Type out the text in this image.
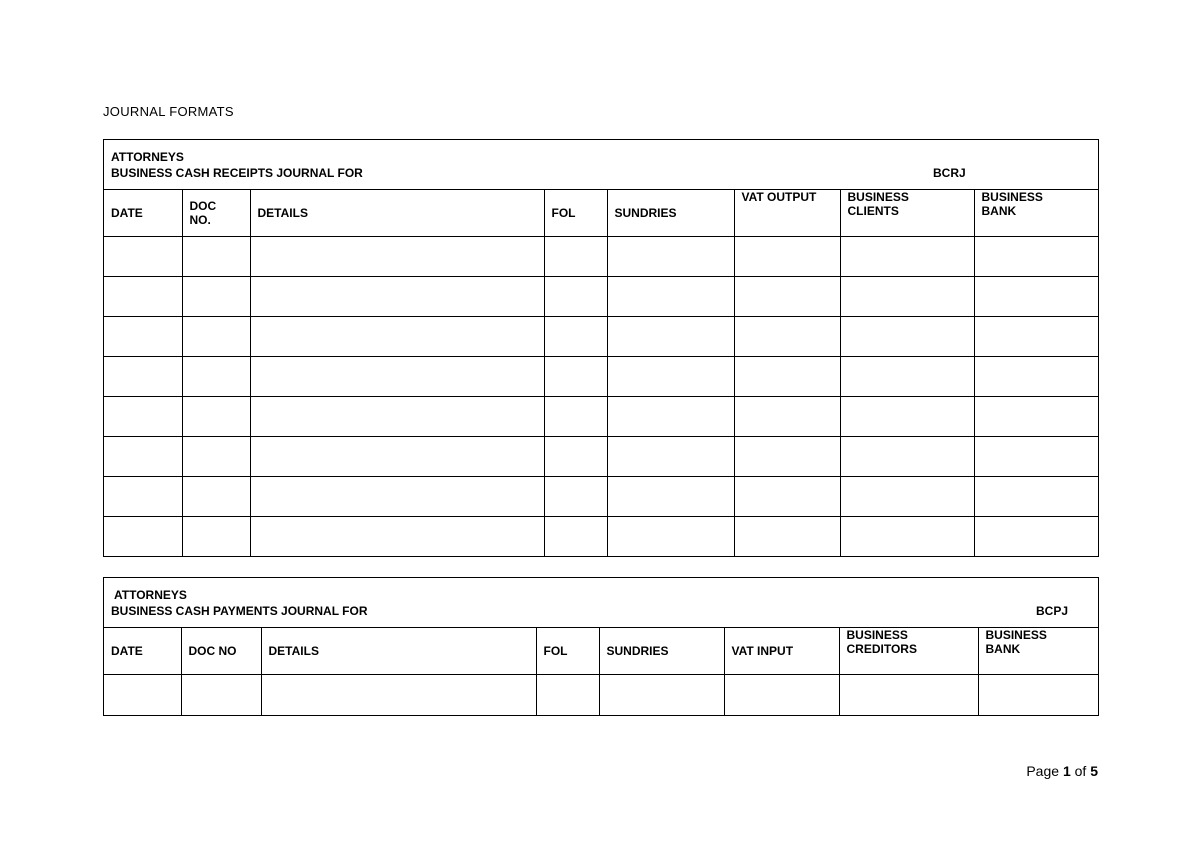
JOURNAL FORMATS
ATTORNEYS
BUSINESS CASH RECEIPTS JOURNAL FOR	BCRJ
DATE	DOC NO.	DETAILS	FOL	SUNDRIES	VAT OUTPUT	BUSINESS CLIENTS	BUSINESS BANK

ATTORNEYS
BUSINESS CASH PAYMENTS JOURNAL FOR	BCPJ
DATE	DOC NO	DETAILS	FOL	SUNDRIES	VAT INPUT	BUSINESS CREDITORS	BUSINESS BANK

Page 1 of 5
